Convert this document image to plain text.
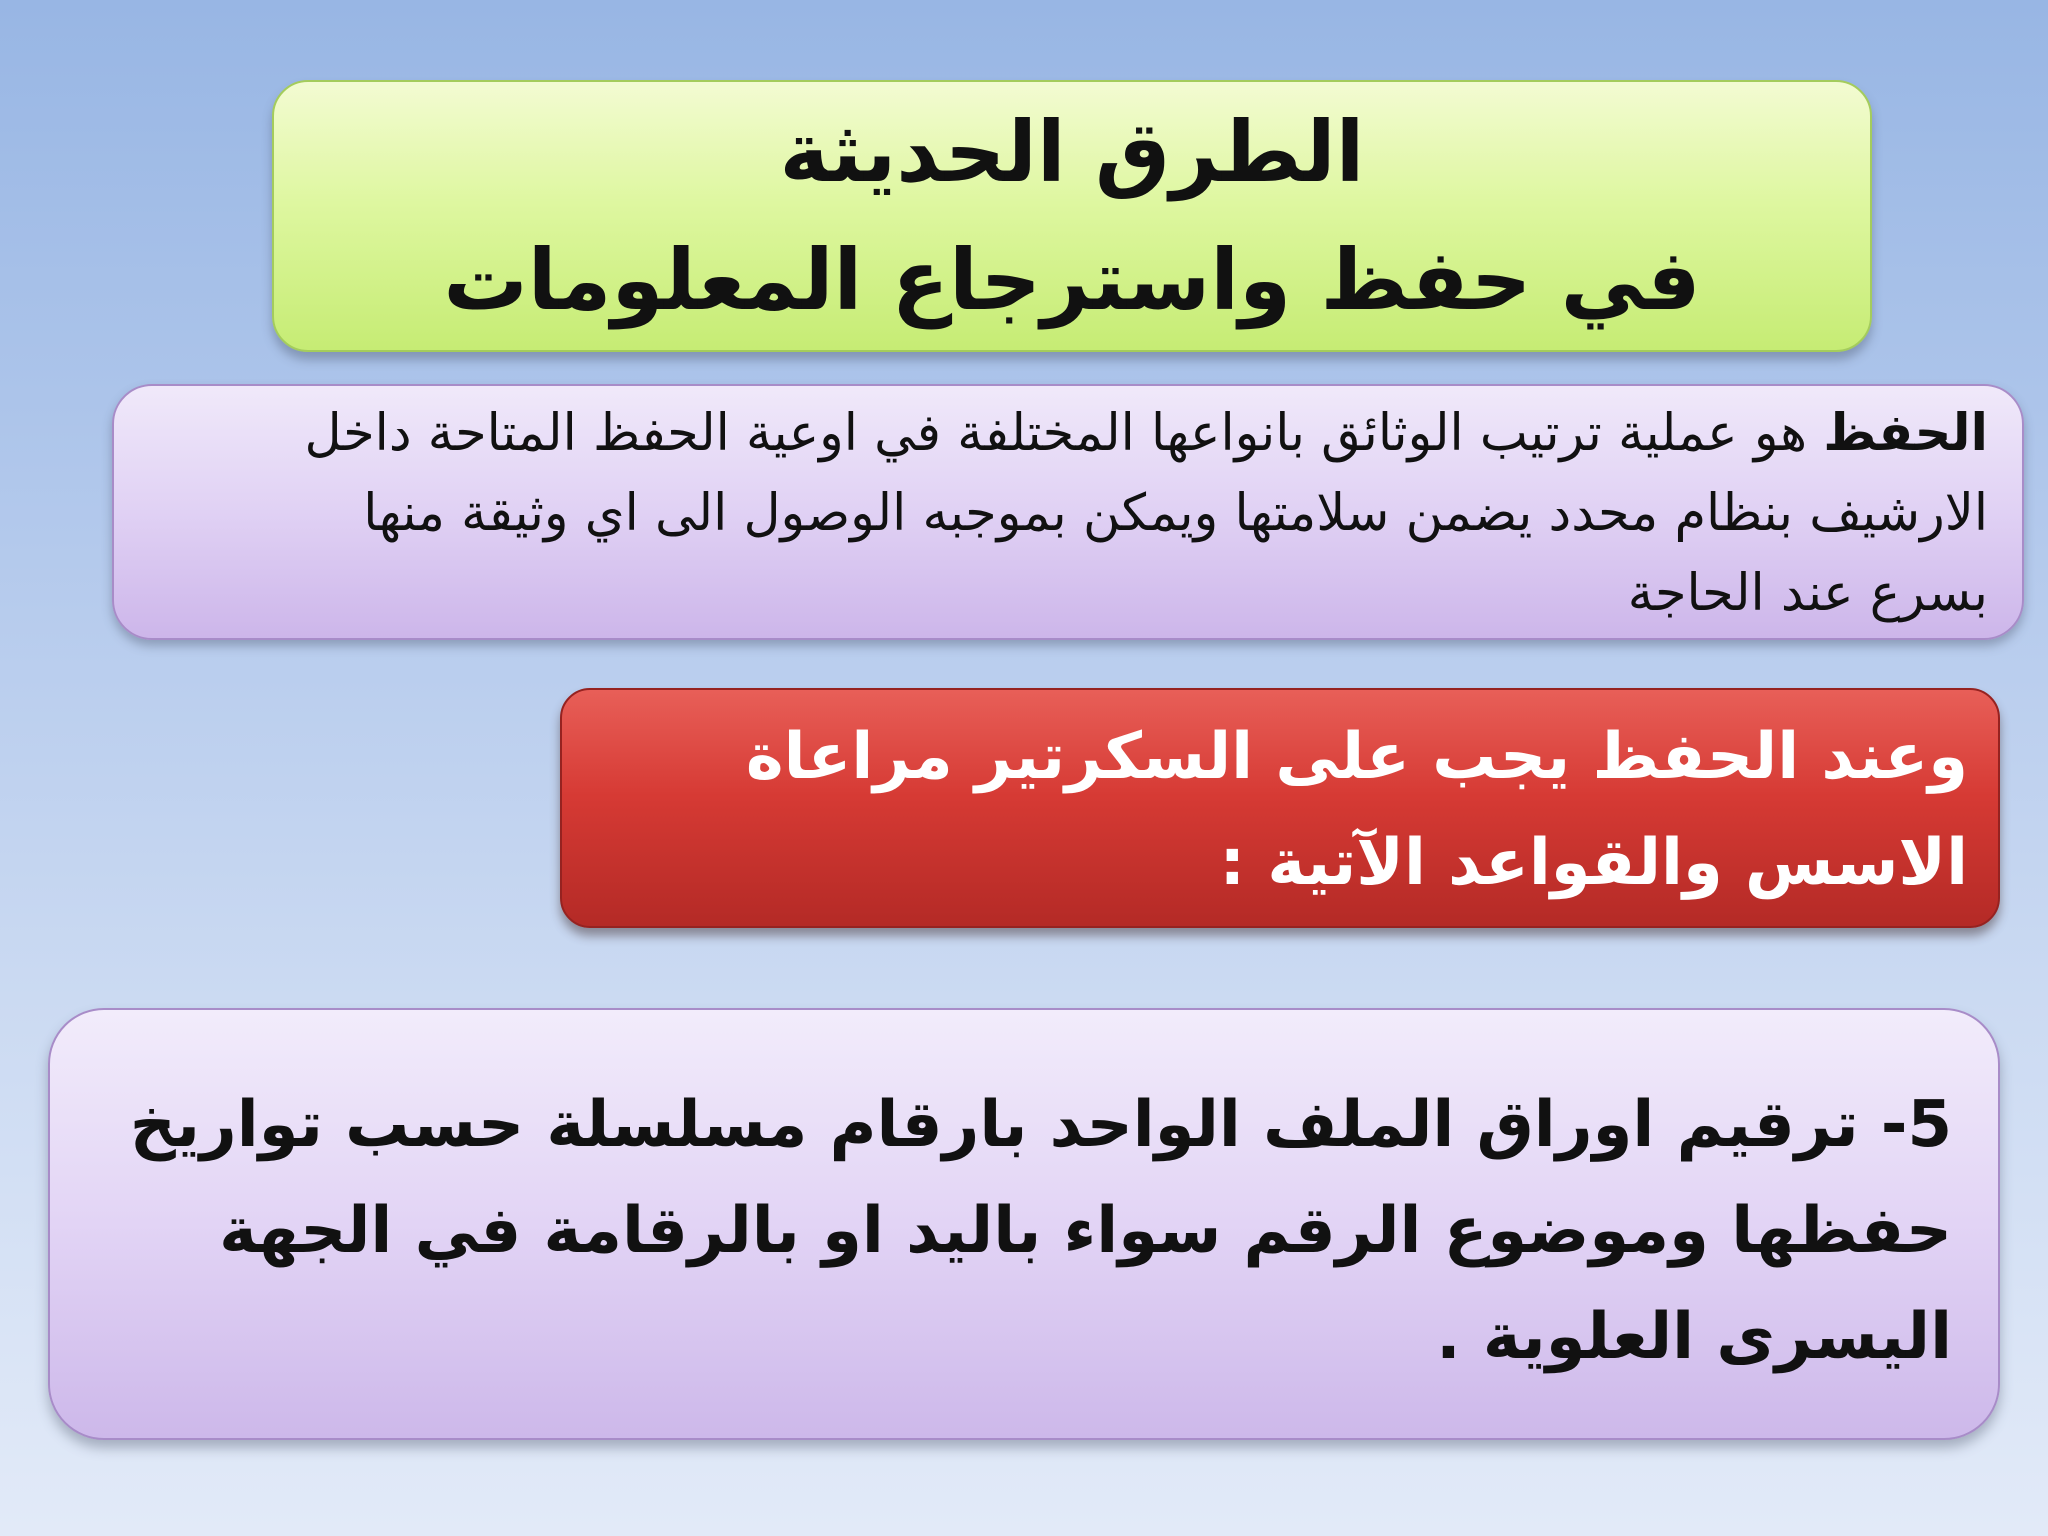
الطرق الحديثة
في حفظ واسترجاع المعلومات
الحفظ هو عملية ترتيب الوثائق بانواعها المختلفة في اوعية الحفظ المتاحة داخل
الارشيف بنظام محدد يضمن سلامتها ويمكن بموجبه الوصول الى اي وثيقة منها
بسرع عند الحاجة
وعند الحفظ يجب على السكرتير مراعاة
الاسس والقواعد الآتية :
5- ترقيم اوراق الملف الواحد بارقام مسلسلة حسب تواريخ
حفظها وموضوع الرقم سواء باليد او بالرقامة في الجهة
اليسرى العلوية .
